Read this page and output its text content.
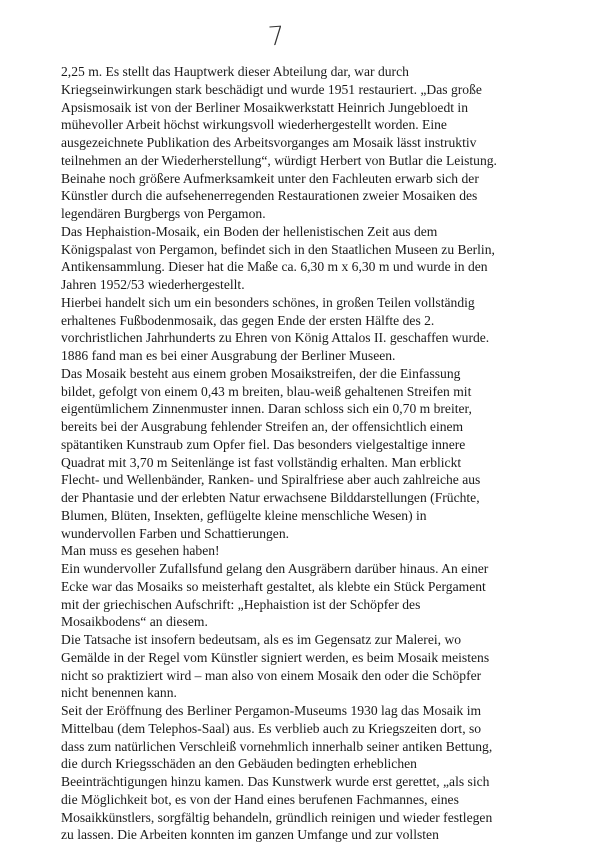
7
2,25 m. Es stellt das Hauptwerk dieser Abteilung dar, war durch
Kriegseinwirkungen stark beschädigt und wurde 1951 restauriert. „Das große
Apsismosaik ist von der Berliner Mosaikwerkstatt Heinrich Jungebloedt in
mühevoller Arbeit höchst wirkungsvoll wiederhergestellt worden. Eine
ausgezeichnete Publikation des Arbeitsvorganges am Mosaik lässt instruktiv
teilnehmen an der Wiederherstellung“, würdigt Herbert von Butlar die Leistung.
Beinahe noch größere Aufmerksamkeit unter den Fachleuten erwarb sich der
Künstler durch die aufsehenerregenden Restaurationen zweier Mosaiken des
legendären Burgbergs von Pergamon.
Das Hephaistion-Mosaik, ein Boden der hellenistischen Zeit aus dem
Königspalast von Pergamon, befindet sich in den Staatlichen Museen zu Berlin,
Antikensammlung. Dieser hat die Maße ca. 6,30 m x 6,30 m und wurde in den
Jahren 1952/53 wiederhergestellt.
Hierbei handelt sich um ein besonders schönes, in großen Teilen vollständig
erhaltenes Fußbodenmosaik, das gegen Ende der ersten Hälfte des 2.
vorchristlichen Jahrhunderts zu Ehren von König Attalos II. geschaffen wurde.
1886 fand man es bei einer Ausgrabung der Berliner Museen.
Das Mosaik besteht aus einem groben Mosaikstreifen, der die Einfassung
bildet, gefolgt von einem 0,43 m breiten, blau-weiß gehaltenen Streifen mit
eigentümlichem Zinnenmuster innen. Daran schloss sich ein 0,70 m breiter,
bereits bei der Ausgrabung fehlender Streifen an, der offensichtlich einem
spätantiken Kunstraub zum Opfer fiel. Das besonders vielgestaltige innere
Quadrat mit 3,70 m Seitenlänge ist fast vollständig erhalten. Man erblickt
Flecht- und Wellenbänder, Ranken- und Spiralfriese aber auch zahlreiche aus
der Phantasie und der erlebten Natur erwachsene Bilddarstellungen (Früchte,
Blumen, Blüten, Insekten, geflügelte kleine menschliche Wesen) in
wundervollen Farben und Schattierungen.
Man muss es gesehen haben!
Ein wundervoller Zufallsfund gelang den Ausgräbern darüber hinaus. An einer
Ecke war das Mosaiks so meisterhaft gestaltet, als klebte ein Stück Pergament
mit der griechischen Aufschrift: „Hephaistion ist der Schöpfer des
Mosaikbodens“ an diesem.
Die Tatsache ist insofern bedeutsam, als es im Gegensatz zur Malerei, wo
Gemälde in der Regel vom Künstler signiert werden, es beim Mosaik meistens
nicht so praktiziert wird – man also von einem Mosaik den oder die Schöpfer
nicht benennen kann.
Seit der Eröffnung des Berliner Pergamon-Museums 1930 lag das Mosaik im
Mittelbau (dem Telephos-Saal) aus. Es verblieb auch zu Kriegszeiten dort, so
dass zum natürlichen Verschleiß vornehmlich innerhalb seiner antiken Bettung,
die durch Kriegsschäden an den Gebäuden bedingten erheblichen
Beeinträchtigungen hinzu kamen. Das Kunstwerk wurde erst gerettet, „als sich
die Möglichkeit bot, es von der Hand eines berufenen Fachmannes, eines
Mosaikkünstlers, sorgfältig behandeln, gründlich reinigen und wieder festlegen
zu lassen. Die Arbeiten konnten im ganzen Umfange und zur vollsten
